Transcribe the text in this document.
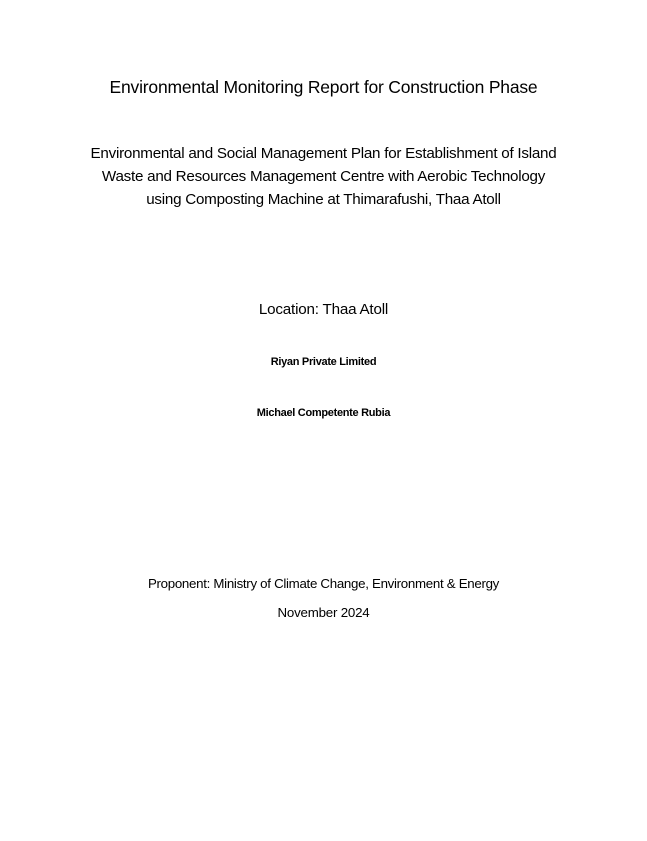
Environmental Monitoring Report for Construction Phase

Environmental and Social Management Plan for Establishment of Island
Waste and Resources Management Centre with Aerobic Technology
using Composting Machine at Thimarafushi, Thaa Atoll

Location: Thaa Atoll

Riyan Private Limited

Michael Competente Rubia

Proponent: Ministry of Climate Change, Environment & Energy

November 2024
